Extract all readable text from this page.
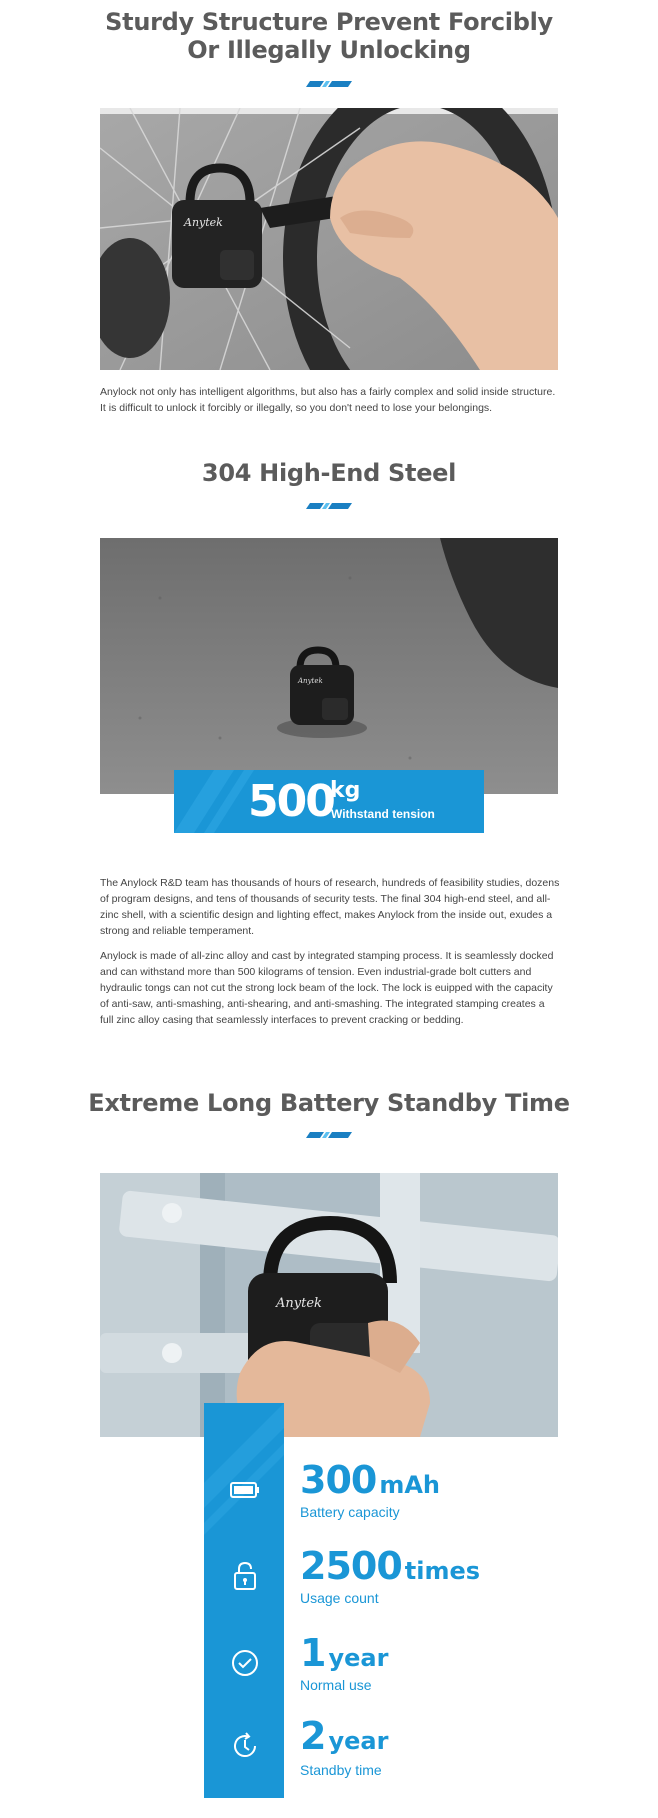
Sturdy Structure Prevent Forcibly
Or Illegally Unlocking
Anytek

Anylock not only has intelligent algorithms, but also has a fairly complex and solid inside structure. It is difficult to unlock it forcibly or illegally, so you don't need to lose your belongings.

304 High-End Steel
Anytek
500
kg
Withstand tension

The Anylock R&D team has thousands of hours of research, hundreds of feasibility studies, dozens of program designs, and tens of thousands of security tests. The final 304 high-end steel, and all-zinc shell, with a scientific design and lighting effect, makes Anylock from the inside out, exudes a strong and reliable temperament.

Anylock is made of all-zinc alloy and cast by integrated stamping process. It is seamlessly docked and can withstand more than 500 kilograms of tension. Even industrial-grade bolt cutters and hydraulic tongs can not cut the strong lock beam of the lock. The lock is euipped with the capacity of anti-saw, anti-smashing, anti-shearing, and anti-smashing. The integrated stamping creates a full zinc alloy casing that seamlessly interfaces to prevent cracking or bedding.

Extreme Long Battery Standby Time
Anytek
300 mAh
Battery capacity
2500 times
Usage count
1 year
Normal use
2 year
Standby time
